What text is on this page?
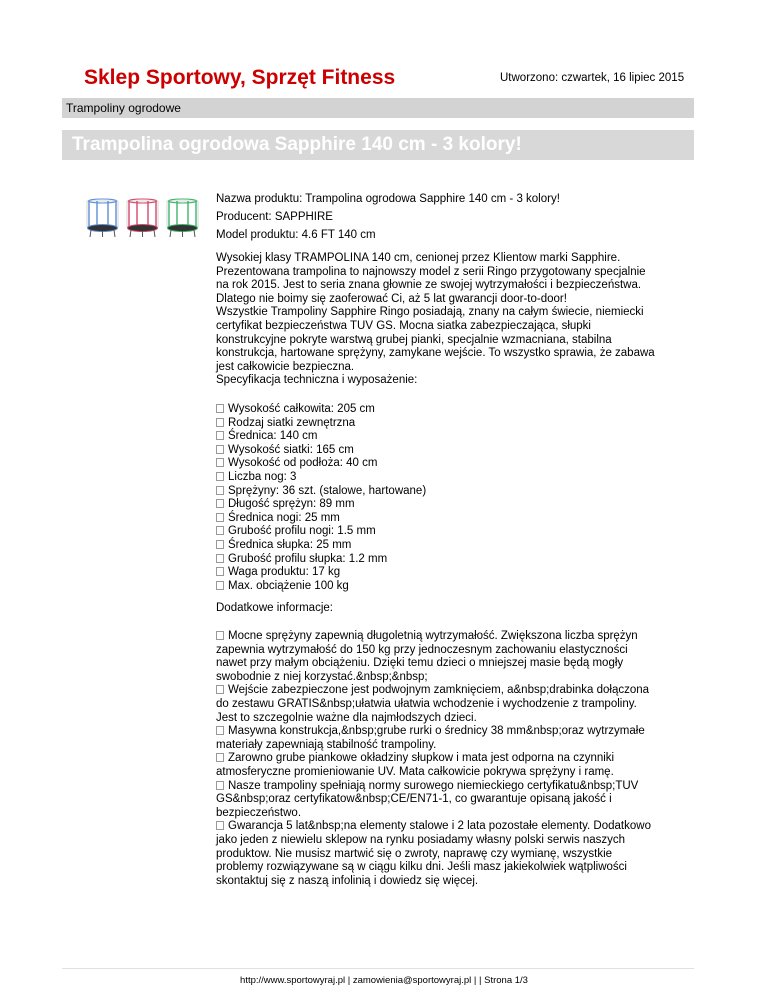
Sklep Sportowy, Sprzęt Fitness	Utworzono: czwartek, 16 lipiec 2015
Trampoliny ogrodowe
Trampolina ogrodowa Sapphire 140 cm - 3 kolory!
Nazwa produktu: Trampolina ogrodowa Sapphire 140 cm - 3 kolory!
Producent: SAPPHIRE
Model produktu: 4.6 FT 140 cm

Wysokiej klasy TRAMPOLINA 140 cm, cenionej przez Klientow marki Sapphire.

Prezentowana trampolina to najnowszy model z serii Ringo przygotowany specjalnie

na rok 2015. Jest to seria znana głownie ze swojej wytrzymałości i bezpieczeństwa.

Dlatego nie boimy się zaoferować Ci, aż 5 lat gwarancji door-to-door!

Wszystkie Trampoliny Sapphire Ringo posiadają, znany na całym świecie, niemiecki

certyfikat bezpieczeństwa TUV GS. Mocna siatka zabezpieczająca, słupki

konstrukcyjne pokryte warstwą grubej pianki, specjalnie wzmacniana, stabilna

konstrukcja, hartowane sprężyny, zamykane wejście. To wszystko sprawia, że zabawa

jest całkowicie bezpieczna.

Specyfikacja techniczna i wyposażenie:

Wysokość całkowita: 205 cm
Rodzaj siatki zewnętrzna
Średnica: 140 cm
Wysokość siatki: 165 cm
Wysokość od podłoża: 40 cm
Liczba nog: 3
Sprężyny: 36 szt. (stalowe, hartowane)
Długość sprężyn: 89 mm
Średnica nogi: 25 mm
Grubość profilu nogi: 1.5 mm
Średnica słupka: 25 mm
Grubość profilu słupka: 1.2 mm
Waga produktu: 17 kg
Max. obciążenie 100 kg
Dodatkowe informacje:

Mocne sprężyny zapewnią długoletnią wytrzymałość. Zwiększona liczba sprężyn

zapewnia wytrzymałość do 150 kg przy jednoczesnym zachowaniu elastyczności

nawet przy małym obciążeniu. Dzięki temu dzieci o mniejszej masie będą mogły

swobodnie z niej korzystać.&nbsp;&nbsp;

Wejście zabezpieczone jest podwojnym zamknięciem, a&nbsp;drabinka dołączona

do zestawu GRATIS&nbsp;ułatwia ułatwia wchodzenie i wychodzenie z trampoliny.

Jest to szczegolnie ważne dla najmłodszych dzieci.

Masywna konstrukcja,&nbsp;grube rurki o średnicy 38 mm&nbsp;oraz wytrzymałe

materiały zapewniają stabilność trampoliny.

Zarowno grube piankowe okładziny słupkow i mata jest odporna na czynniki

atmosferyczne promieniowanie UV. Mata całkowicie pokrywa sprężyny i ramę.

Nasze trampoliny spełniają normy surowego niemieckiego certyfikatu&nbsp;TUV

GS&nbsp;oraz certyfikatow&nbsp;CE/EN71-1, co gwarantuje opisaną jakość i

bezpieczeństwo.

Gwarancja 5 lat&nbsp;na elementy stalowe i 2 lata pozostałe elementy. Dodatkowo

jako jeden z niewielu sklepow na rynku posiadamy własny polski serwis naszych

produktow. Nie musisz martwić się o zwroty, naprawę czy wymianę, wszystkie

problemy rozwiązywane są w ciągu kilku dni. Jeśli masz jakiekolwiek wątpliwości

skontaktuj się z naszą infolinią i dowiedz się więcej.

http://www.sportowyraj.pl | zamowienia@sportowyraj.pl | | Strona 1/3
